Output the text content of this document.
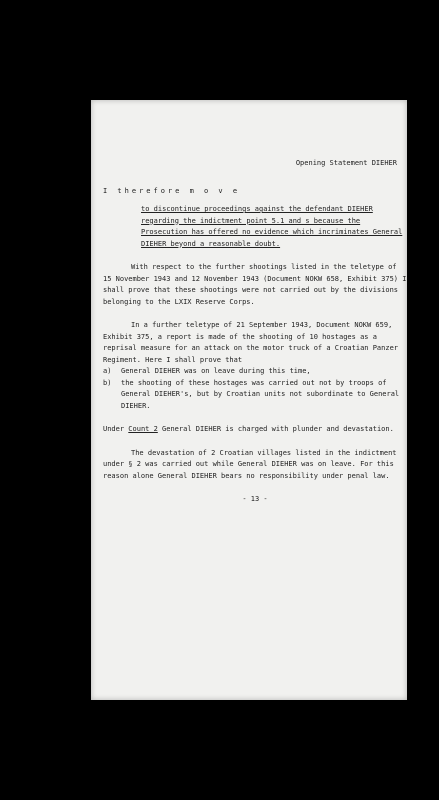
Opening Statement DIEHER

I therefore m o v e

to discontinue proceedings against the defendant DIEHER regarding the indictment point 5.1 and s because the Prosecution has offered no evidence which incriminates General DIEHER beyond a reasonable doubt.

With respect to the further shootings listed in the teletype of 15 November 1943 and 12 November 1943 (Document NOKW 658, Exhibit 375) I shall prove that these shootings were not carried out by the divisions belonging to the LXIX Reserve Corps.

In a further teletype of 21 September 1943, Document NOKW 659, Exhibit 375, a report is made of the shooting of 10 hostages as a reprisal measure for an attack on the motor truck of a Croatian Panzer Regiment. Here I shall prove that

a)	General DIEHER was on leave during this time,
b)	the shooting of these hostages was carried out not by troops of General DIEHER's, but by Croatian units not subordinate to General DIEHER.

Under Count 2 General DIEHER is charged with plunder and devastation.

The devastation of 2 Croatian villages listed in the indictment under § 2 was carried out while General DIEHER was on leave. For this reason alone General DIEHER bears no responsibility under penal law.

- 13 -
